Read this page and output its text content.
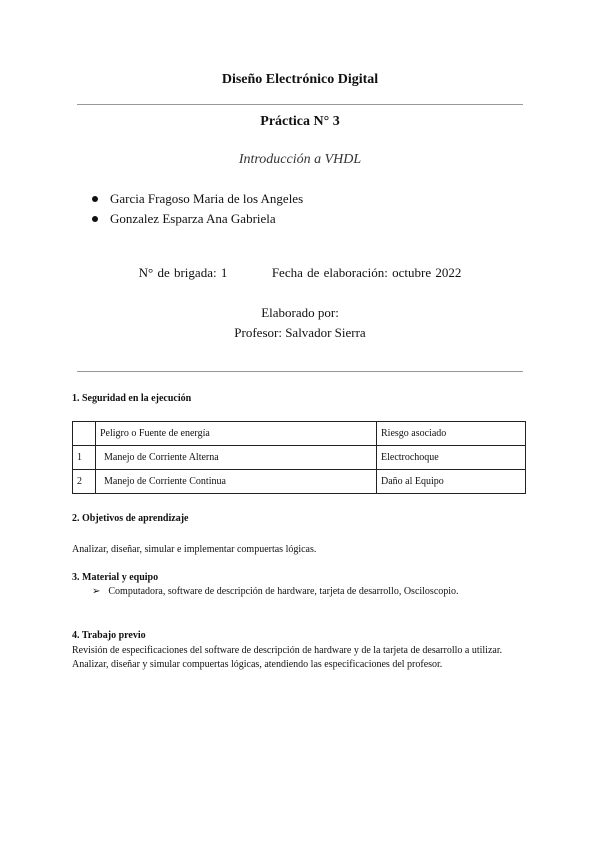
Diseño Electrónico Digital
Práctica N° 3
Introducción a VHDL
Garcia Fragoso Maria de los Angeles
Gonzalez Esparza Ana Gabriela
N° de brigada: 1	Fecha de elaboración: octubre 2022
Elaborado por:
Profesor: Salvador Sierra
1. Seguridad en la ejecución
	Peligro o Fuente de energía	Riesgo asociado
1	Manejo de Corriente Alterna	Electrochoque
2	Manejo de Corriente Continua	Daño al Equipo
2. Objetivos de aprendizaje
Analizar, diseñar, simular e implementar compuertas lógicas.
3. Material y equipo
➢ Computadora, software de descripción de hardware, tarjeta de desarrollo, Osciloscopio.
4. Trabajo previo
Revisión de especificaciones del software de descripción de hardware y de la tarjeta de desarrollo a utilizar.
Analizar, diseñar y simular compuertas lógicas, atendiendo las especificaciones del profesor.
